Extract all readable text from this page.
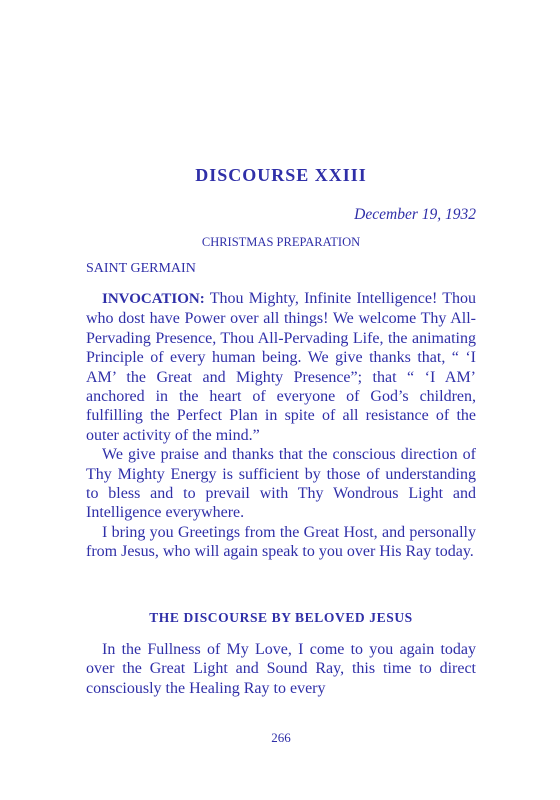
DISCOURSE XXIII
December 19, 1932
CHRISTMAS PREPARATION
SAINT GERMAIN

INVOCATION: Thou Mighty, Infinite Intelligence! Thou who dost have Power over all things! We welcome Thy All-Pervading Presence, Thou All-Pervading Life, the animating Principle of every human being. We give thanks that, “ ‘I AM’ the Great and Mighty Presence”; that “ ‘I AM’ anchored in the heart of everyone of God’s children, fulfilling the Perfect Plan in spite of all resistance of the outer activity of the mind.”

We give praise and thanks that the conscious direction of Thy Mighty Energy is sufficient by those of understanding to bless and to prevail with Thy Wondrous Light and Intelligence everywhere.

I bring you Greetings from the Great Host, and personally from Jesus, who will again speak to you over His Ray today.

THE DISCOURSE BY BELOVED JESUS

In the Fullness of My Love, I come to you again today over the Great Light and Sound Ray, this time to direct consciously the Healing Ray to every

266
